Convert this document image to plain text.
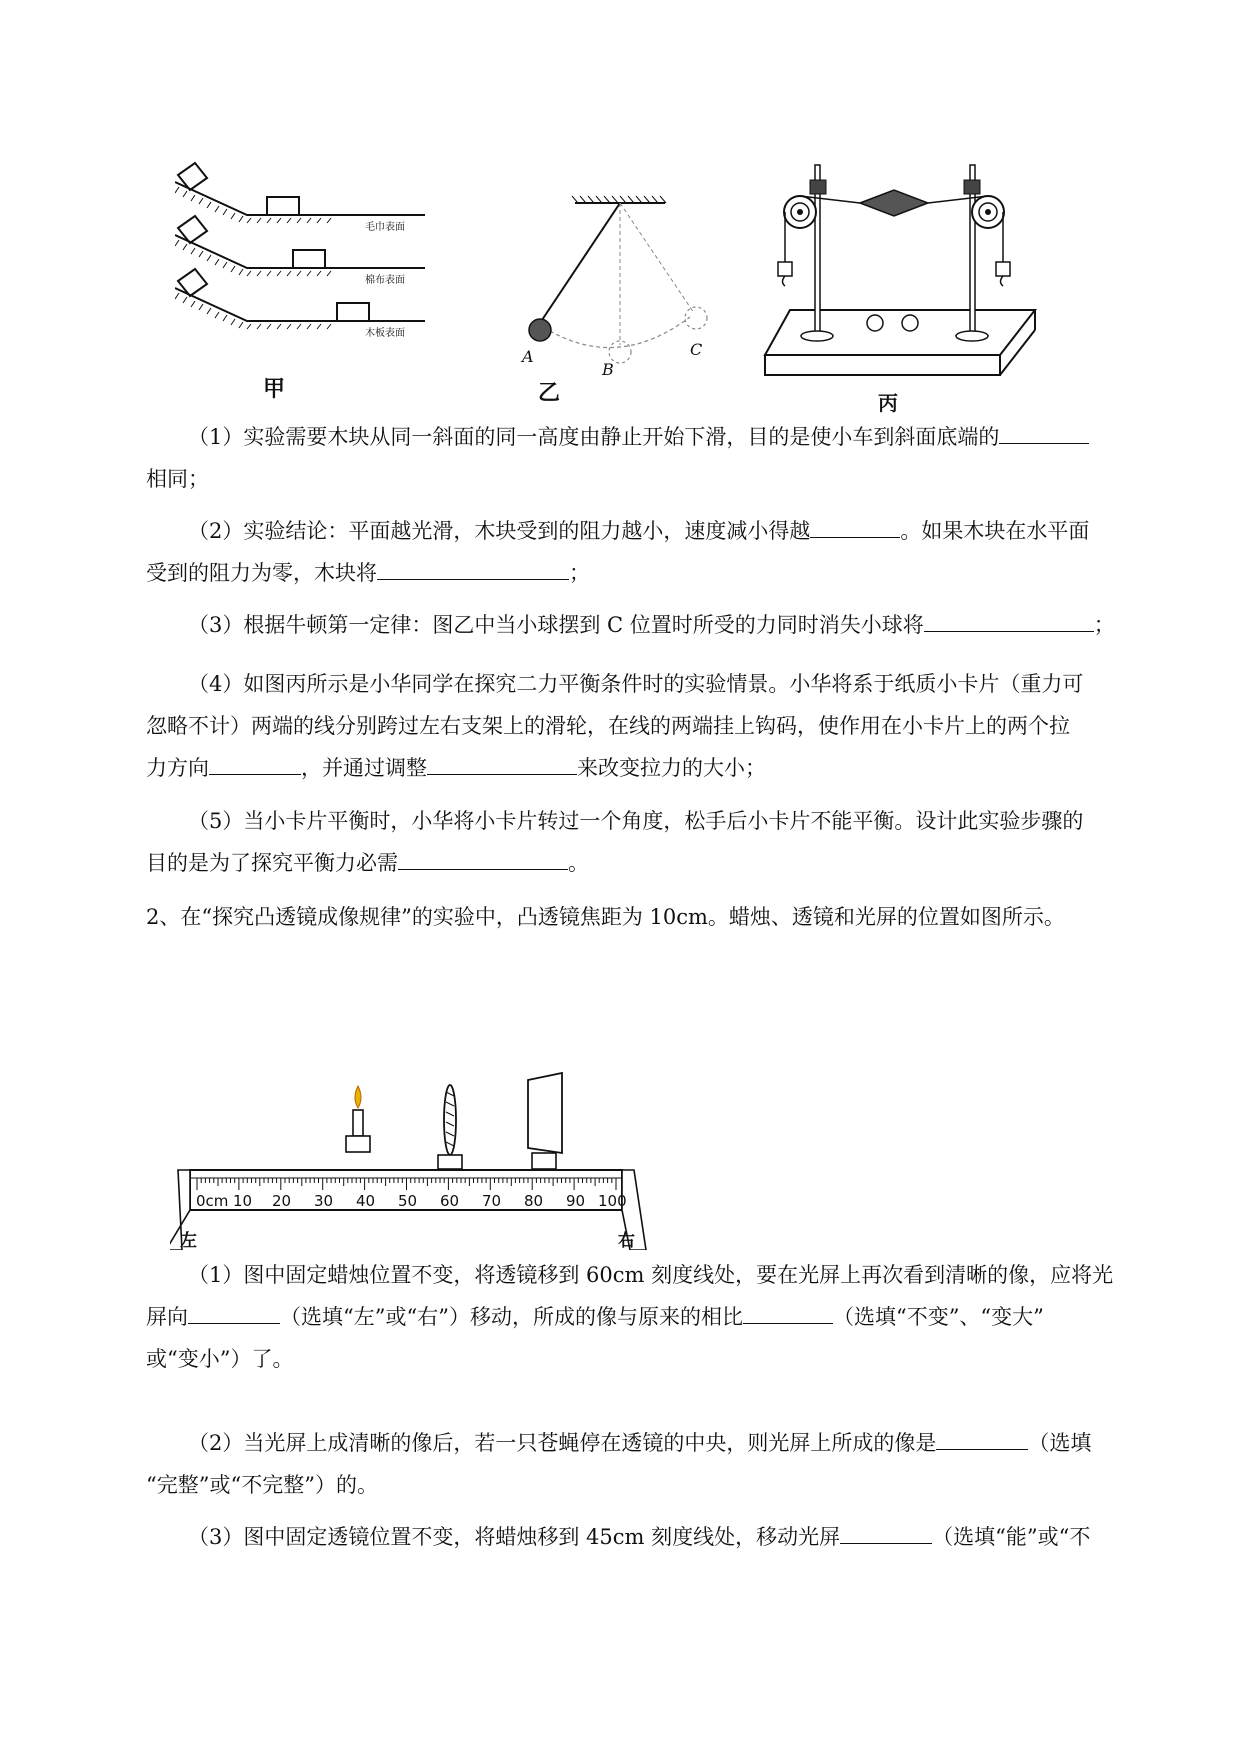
毛巾表面
棉布表面
木板表面
甲
A
B
C
乙	丙
（1）实验需要木块从同一斜面的同一高度由静止开始下滑，目的是使小车到斜面底端的
相同；
（2）实验结论：平面越光滑，木块受到的阻力越小，速度减小得越	。如果木块在水平面
受到的阻力为零，木块将	；
（3）根据牛顿第一定律：图乙中当小球摆到 C 位置时所受的力同时消失小球将	；
（4）如图丙所示是小华同学在探究二力平衡条件时的实验情景。小华将系于纸质小卡片（重力可
忽略不计）两端的线分别跨过左右支架上的滑轮，在线的两端挂上钩码，使作用在小卡片上的两个拉
力方向	，并通过调整	来改变拉力的大小；
（5）当小卡片平衡时，小华将小卡片转过一个角度，松手后小卡片不能平衡。设计此实验步骤的
目的是为了探究平衡力必需	。
2、在“探究凸透镜成像规律”的实验中，凸透镜焦距为 10cm。蜡烛、透镜和光屏的位置如图所示。
0cm 10 20 30 40 50 60 70 80 90 100
左	右
（1）图中固定蜡烛位置不变，将透镜移到 60cm 刻度线处，要在光屏上再次看到清晰的像，应将光
屏向	（选填“左”或“右”）移动，所成的像与原来的相比	（选填“不变”、“变大”
或“变小”）了。
（2）当光屏上成清晰的像后，若一只苍蝇停在透镜的中央，则光屏上所成的像是	（选填
“完整”或“不完整”）的。
（3）图中固定透镜位置不变，将蜡烛移到 45cm 刻度线处，移动光屏	（选填“能”或“不
